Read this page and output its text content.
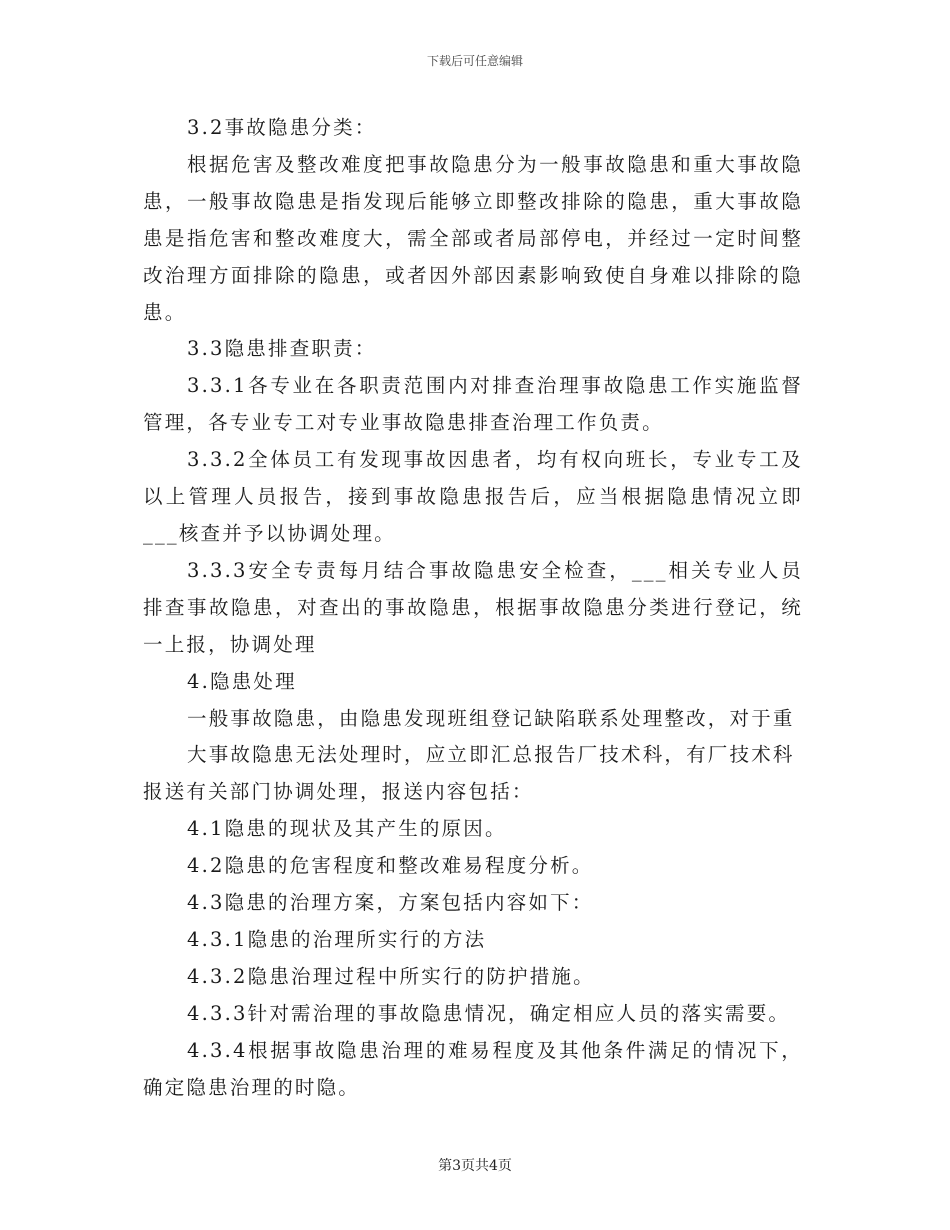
下载后可任意编辑

3.2事故隐患分类：

根据危害及整改难度把事故隐患分为一般事故隐患和重大事故隐患，一般事故隐患是指发现后能够立即整改排除的隐患，重大事故隐患是指危害和整改难度大，需全部或者局部停电，并经过一定时间整改治理方面排除的隐患，或者因外部因素影响致使自身难以排除的隐患。

3.3隐患排查职责：

3.3.1各专业在各职责范围内对排查治理事故隐患工作实施监督管理，各专业专工对专业事故隐患排查治理工作负责。

3.3.2全体员工有发现事故因患者，均有权向班长，专业专工及以上管理人员报告，接到事故隐患报告后，应当根据隐患情况立即___核查并予以协调处理。

3.3.3安全专责每月结合事故隐患安全检查，___相关专业人员排查事故隐患，对查出的事故隐患，根据事故隐患分类进行登记，统一上报，协调处理

4.隐患处理

一般事故隐患，由隐患发现班组登记缺陷联系处理整改，对于重

大事故隐患无法处理时，应立即汇总报告厂技术科，有厂技术科

报送有关部门协调处理，报送内容包括：

4.1隐患的现状及其产生的原因。

4.2隐患的危害程度和整改难易程度分析。

4.3隐患的治理方案，方案包括内容如下：

4.3.1隐患的治理所实行的方法

4.3.2隐患治理过程中所实行的防护措施。

4.3.3针对需治理的事故隐患情况，确定相应人员的落实需要。

4.3.4根据事故隐患治理的难易程度及其他条件满足的情况下，确定隐患治理的时隐。

第3页共4页
